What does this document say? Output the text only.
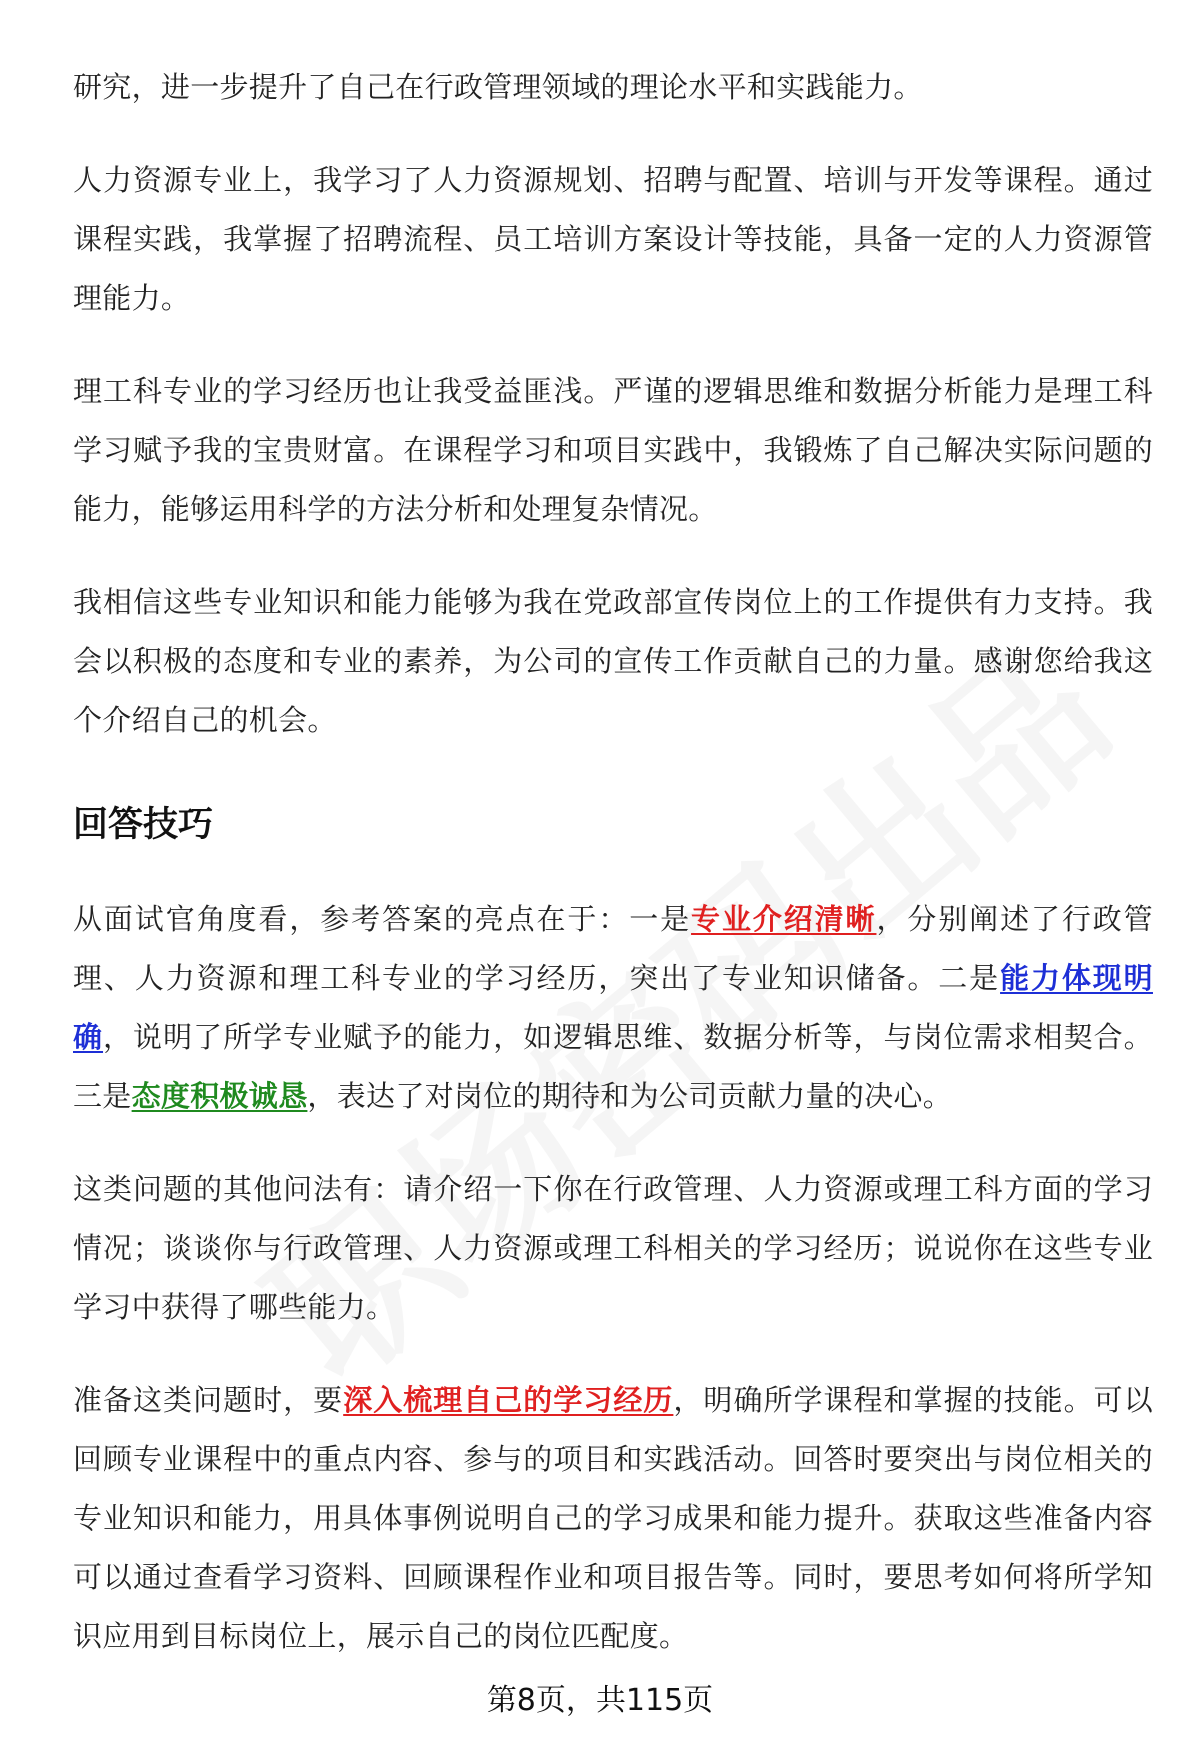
研究，进一步提升了自己在行政管理领域的理论水平和实践能力。

人力资源专业上，我学习了人力资源规划、招聘与配置、培训与开发等课程。通过课程实践，我掌握了招聘流程、员工培训方案设计等技能，具备一定的人力资源管理能力。

理工科专业的学习经历也让我受益匪浅。严谨的逻辑思维和数据分析能力是理工科学习赋予我的宝贵财富。在课程学习和项目实践中，我锻炼了自己解决实际问题的能力，能够运用科学的方法分析和处理复杂情况。

我相信这些专业知识和能力能够为我在党政部宣传岗位上的工作提供有力支持。我会以积极的态度和专业的素养，为公司的宣传工作贡献自己的力量。感谢您给我这个介绍自己的机会。

回答技巧

从面试官角度看，参考答案的亮点在于：一是专业介绍清晰，分别阐述了行政管理、人力资源和理工科专业的学习经历，突出了专业知识储备。二是能力体现明确，说明了所学专业赋予的能力，如逻辑思维、数据分析等，与岗位需求相契合。三是态度积极诚恳，表达了对岗位的期待和为公司贡献力量的决心。

这类问题的其他问法有：请介绍一下你在行政管理、人力资源或理工科方面的学习情况；谈谈你与行政管理、人力资源或理工科相关的学习经历；说说你在这些专业学习中获得了哪些能力。

准备这类问题时，要深入梳理自己的学习经历，明确所学课程和掌握的技能。可以回顾专业课程中的重点内容、参与的项目和实践活动。回答时要突出与岗位相关的专业知识和能力，用具体事例说明自己的学习成果和能力提升。获取这些准备内容可以通过查看学习资料、回顾课程作业和项目报告等。同时，要思考如何将所学知识应用到目标岗位上，展示自己的岗位匹配度。

第8页，共115页
